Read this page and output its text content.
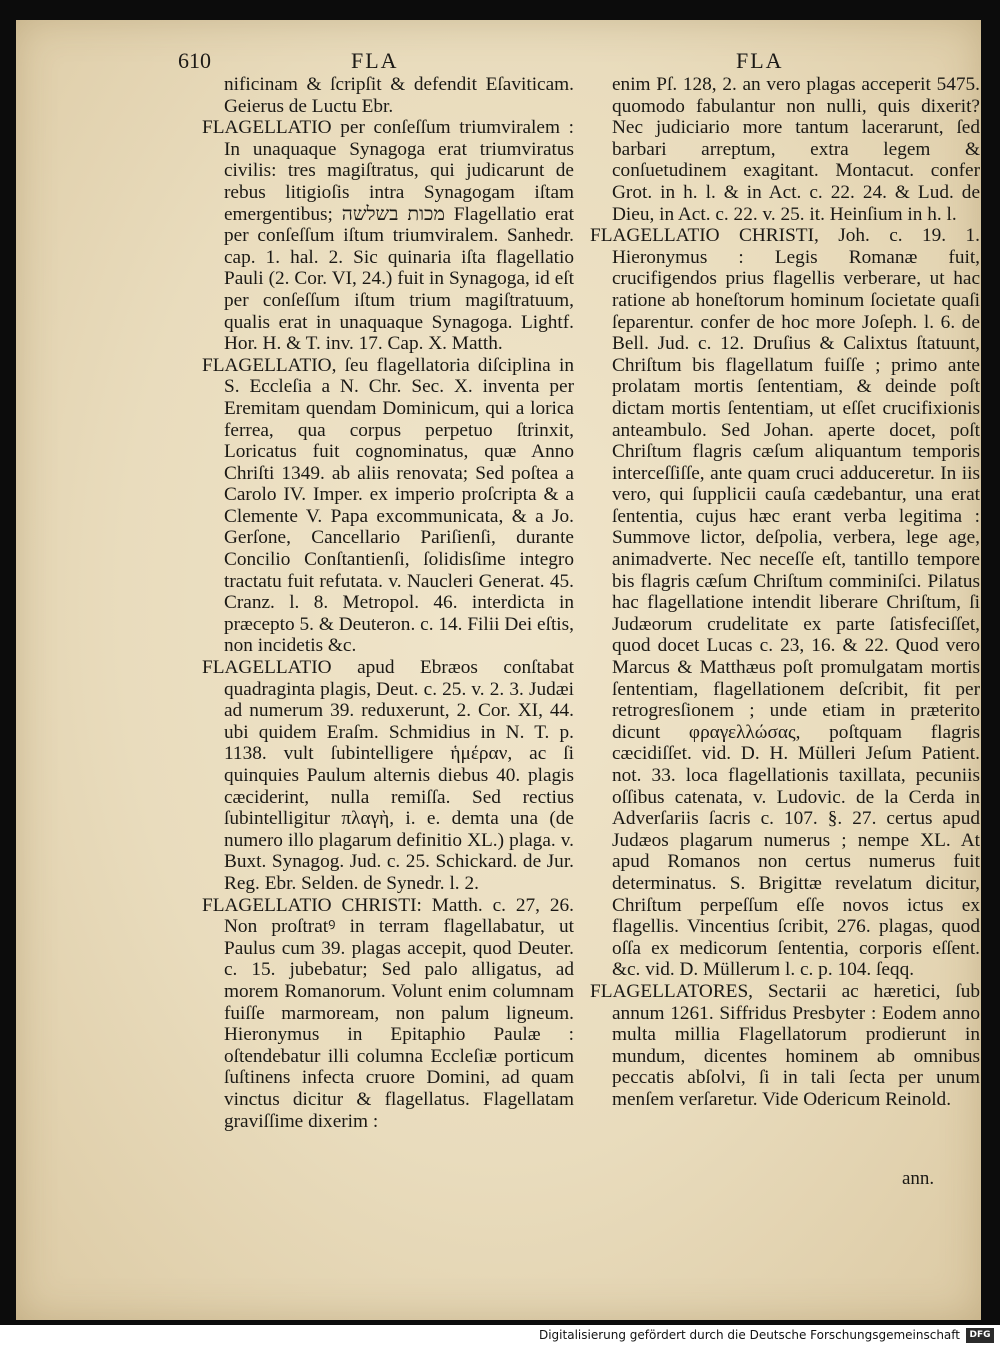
610	FLA	FLA

nificinam & ſcripſit & defendit Eſaviticam. Geierus de Luctu Ebr.

FLAGELLATIO per conſeſſum triumviralem : In unaquaque Synagoga erat triumviratus civilis: tres magiſtratus, qui judicarunt de rebus litigioſis intra Synagogam iſtam emergentibus; מכות בשלשה Flagellatio erat per conſeſſum iſtum triumviralem. Sanhedr. cap. 1. hal. 2. Sic quinaria iſta flagellatio Pauli (2. Cor. VI, 24.) fuit in Synagoga, id eſt per conſeſſum iſtum trium magiſtratuum, qualis erat in unaquaque Synagoga. Lightf. Hor. H. & T. inv. 17. Cap. X. Matth.

FLAGELLATIO, ſeu flagellatoria diſciplina in S. Eccleſia a N. Chr. Sec. X. inventa per Eremitam quendam Dominicum, qui a lorica ferrea, qua corpus perpetuo ſtrinxit, Loricatus fuit cognominatus, quæ Anno Chriſti 1349. ab aliis renovata; Sed poſtea a Carolo IV. Imper. ex imperio proſcripta & a Clemente V. Papa excommunicata, & a Jo. Gerſone, Cancellario Pariſienſi, durante Concilio Conſtantienſi, ſolidisſime integro tractatu fuit refutata. v. Naucleri Generat. 45. Cranz. l. 8. Metropol. 46. interdicta in præcepto 5. & Deuteron. c. 14. Filii Dei eſtis, non incidetis &c.

FLAGELLATIO apud Ebræos conſtabat quadraginta plagis, Deut. c. 25. v. 2. 3. Judæi ad numerum 39. reduxerunt, 2. Cor. XI, 44. ubi quidem Eraſm. Schmidius in N. T. p. 1138. vult ſubintelligere ἡμέραν, ac ſi quinquies Paulum alternis diebus 40. plagis cæciderint, nulla remiſſa. Sed rectius ſubintelligitur πλαγὴ, i. e. demta una (de numero illo plagarum definitio XL.) plaga. v. Buxt. Synagog. Jud. c. 25. Schickard. de Jur. Reg. Ebr. Selden. de Synedr. l. 2.

FLAGELLATIO CHRISTI: Matth. c. 27, 26. Non proſtratꝰ in terram flagellabatur, ut Paulus cum 39. plagas accepit, quod Deuter. c. 15. jubebatur; Sed palo alligatus, ad morem Romanorum. Volunt enim columnam fuiſſe marmoream, non palum ligneum. Hieronymus in Epitaphio Paulæ : oſtendebatur illi columna Eccleſiæ porticum ſuſtinens infecta cruore Domini, ad quam vinctus dicitur & flagellatus. Flagellatam graviſſime dixerim :

enim Pſ. 128, 2. an vero plagas acceperit 5475. quomodo fabulantur non nulli, quis dixerit? Nec judiciario more tantum lacerarunt, ſed barbari arreptum, extra legem & conſuetudinem exagitant. Montacut. confer Grot. in h. l. & in Act. c. 22. 24. & Lud. de Dieu, in Act. c. 22. v. 25. it. Heinſium in h. l.

FLAGELLATIO CHRISTI, Joh. c. 19. 1. Hieronymus : Legis Romanæ fuit, crucifigendos prius flagellis verberare, ut hac ratione ab honeſtorum hominum ſocietate quaſi ſeparentur. confer de hoc more Joſeph. l. 6. de Bell. Jud. c. 12. Druſius & Calixtus ſtatuunt, Chriſtum bis flagellatum fuiſſe ; primo ante prolatam mortis ſententiam, & deinde poſt dictam mortis ſententiam, ut eſſet crucifixionis anteambulo. Sed Johan. aperte docet, poſt Chriſtum flagris cæſum aliquantum temporis interceſſiſſe, ante quam cruci adduceretur. In iis vero, qui ſupplicii cauſa cædebantur, una erat ſententia, cujus hæc erant verba legitima : Summove lictor, deſpolia, verbera, lege age, animadverte. Nec neceſſe eſt, tantillo tempore bis flagris cæſum Chriſtum comminiſci. Pilatus hac flagellatione intendit liberare Chriſtum, ſi Judæorum crudelitate ex parte ſatisfeciſſet, quod docet Lucas c. 23, 16. & 22. Quod vero Marcus & Matthæus poſt promulgatam mortis ſententiam, flagellationem deſcribit, fit per retrogresſionem ; unde etiam in præterito dicunt φραγελλώσας, poſtquam flagris cæcidiſſet. vid. D. H. Mülleri Jeſum Patient. not. 33. loca flagellationis taxillata, pecuniis oſſibus catenata, v. Ludovic. de la Cerda in Adverſariis ſacris c. 107. §. 27. certus apud Judæos plagarum numerus ; nempe XL. At apud Romanos non certus numerus fuit determinatus. S. Brigittæ revelatum dicitur, Chriſtum perpeſſum eſſe novos ictus ex flagellis. Vincentius ſcribit, 276. plagas, quod oſſa ex medicorum ſententia, corporis eſſent. &c. vid. D. Müllerum l. c. p. 104. ſeqq.

FLAGELLATORES, Sectarii ac hæretici, ſub annum 1261. Siffridus Presbyter : Eodem anno multa millia Flagellatorum prodierunt in mundum, dicentes hominem ab omnibus peccatis abſolvi, ſi in tali ſecta per unum menſem verſaretur. Vide Odericum Reinold.

ann.
Digitalisierung gefördert durch die Deutsche Forschungsgemeinschaft	DFG
